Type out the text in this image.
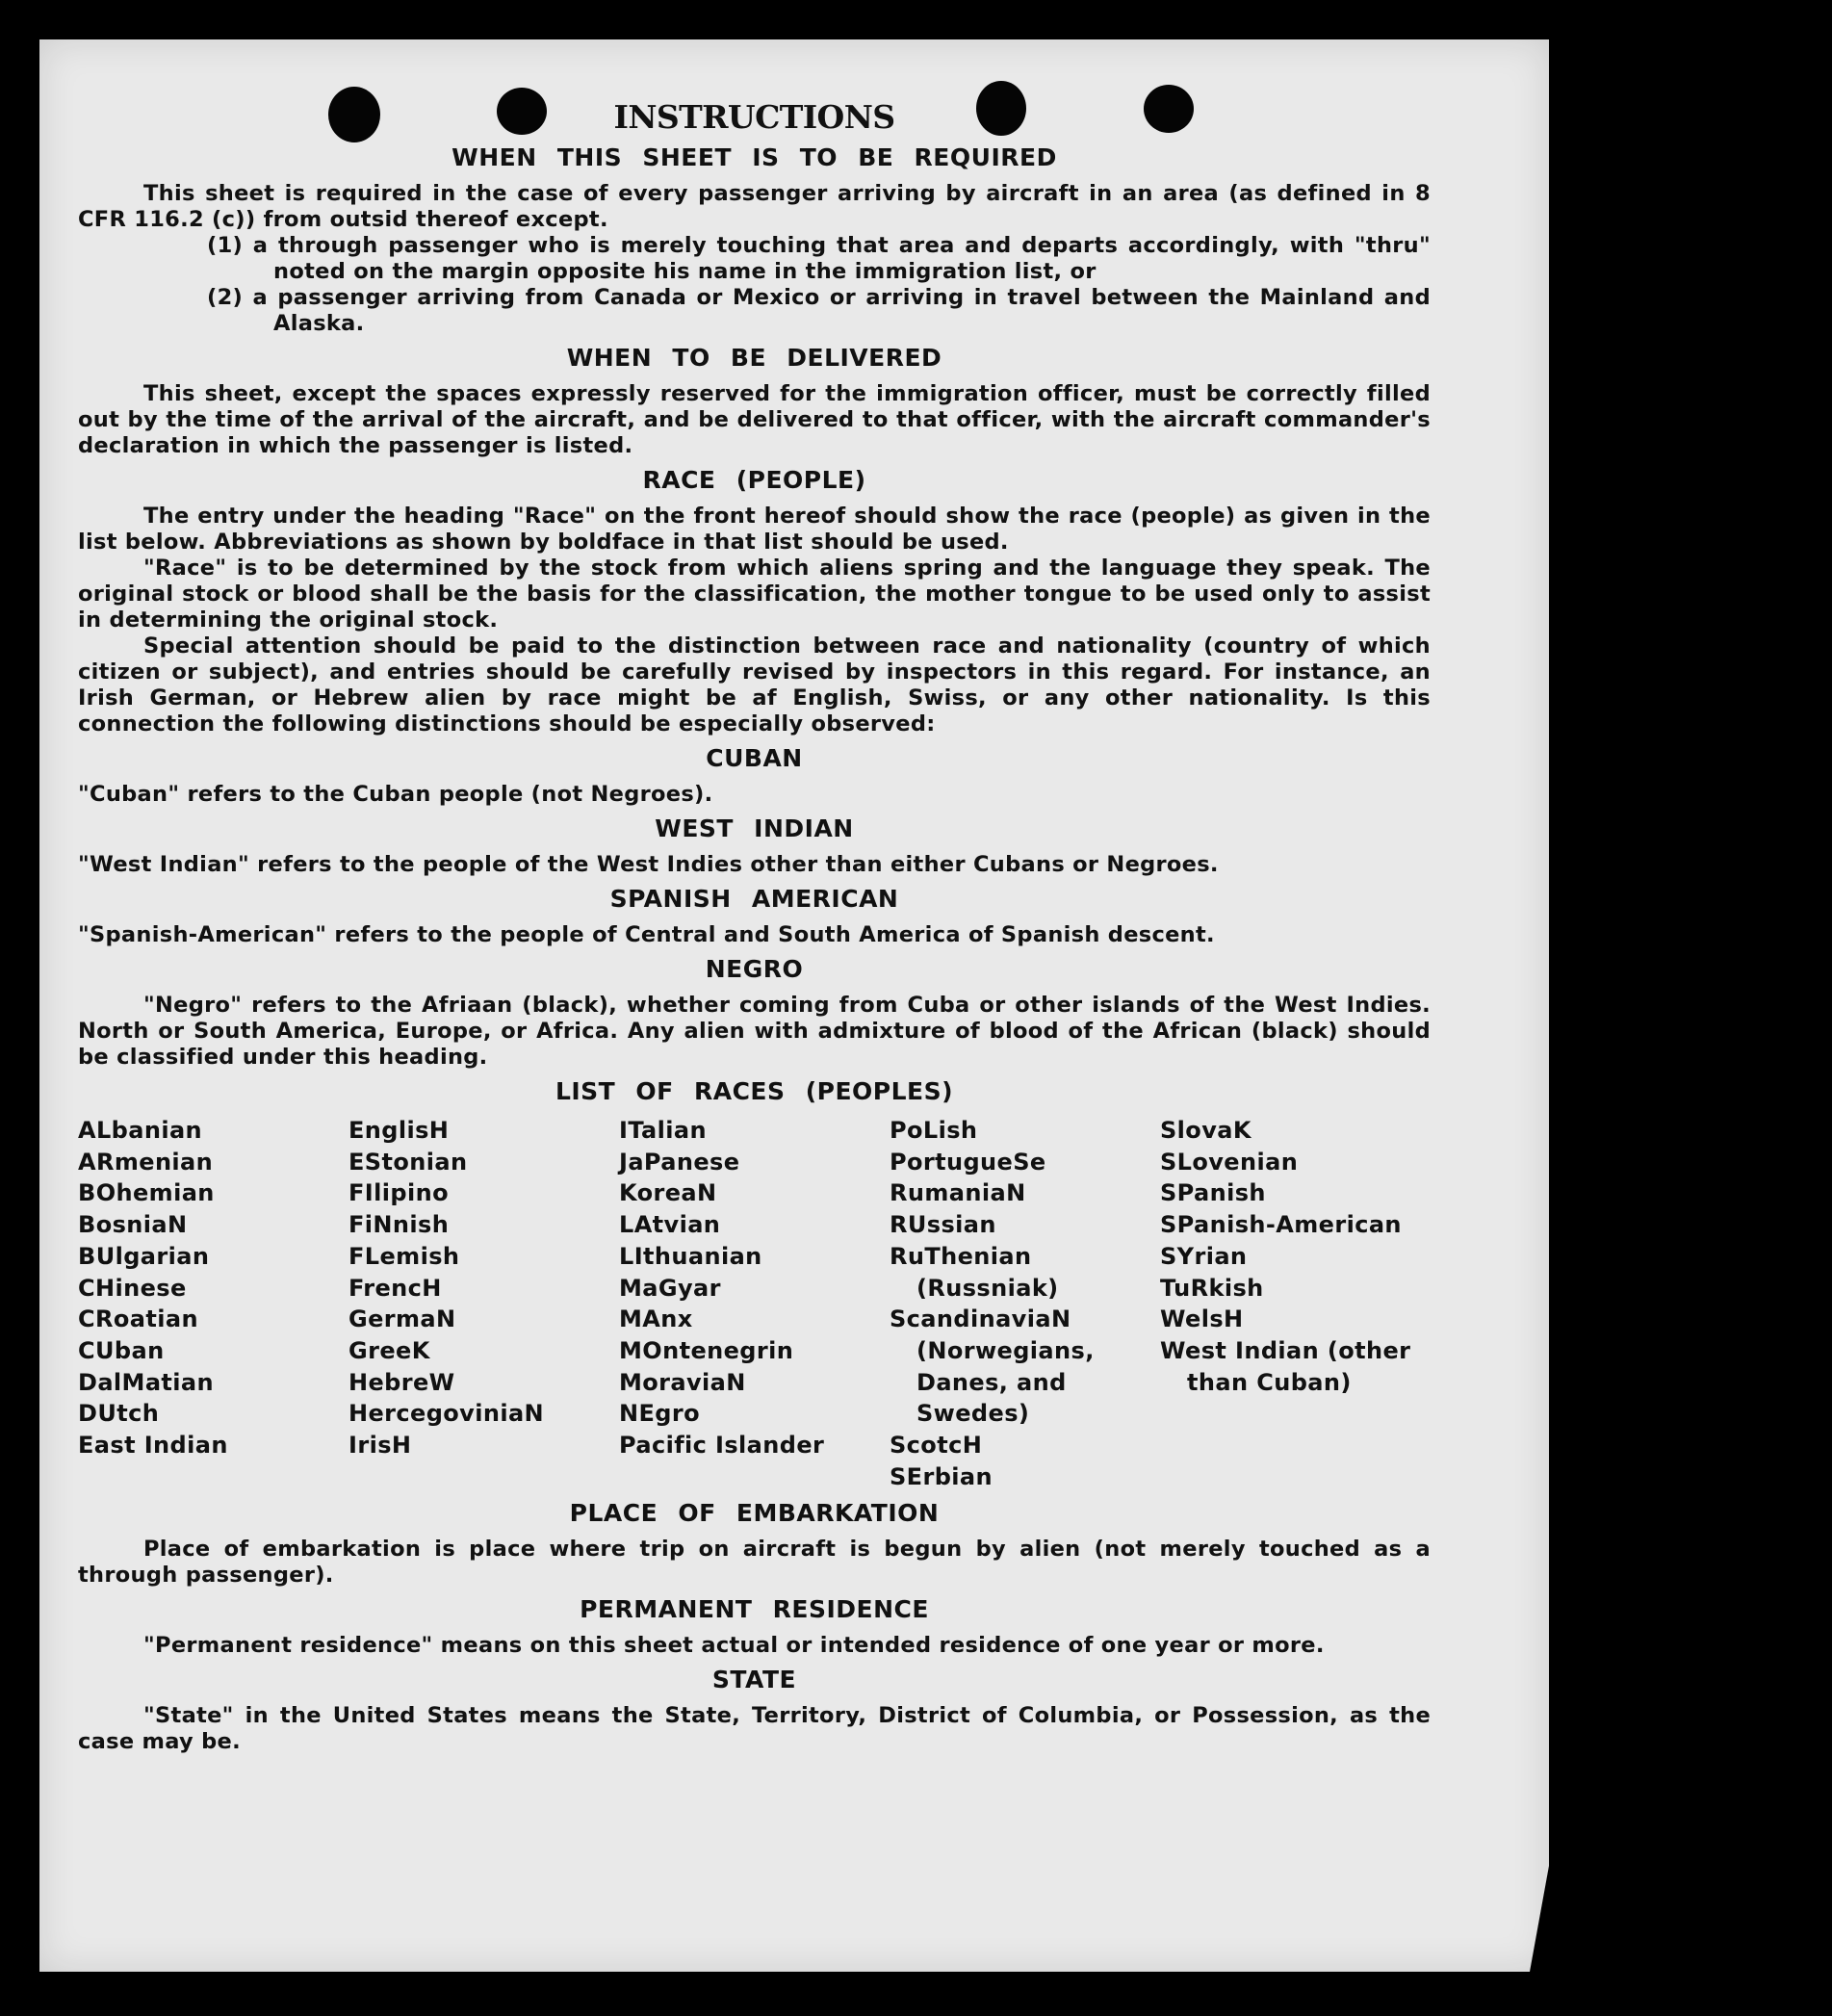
INSTRUCTIONS
WHEN THIS SHEET IS TO BE REQUIRED

This sheet is required in the case of every passenger arriving by aircraft in an area (as defined in 8 CFR 116.2 (c)) from outsid thereof except.

(1) a through passenger who is merely touching that area and departs accordingly, with "thru" noted on the margin opposite his name in the immigration list, or
(2) a passenger arriving from Canada or Mexico or arriving in travel between the Mainland and Alaska.
WHEN TO BE DELIVERED

This sheet, except the spaces expressly reserved for the immigration officer, must be correctly filled out by the time of the arrival of the aircraft, and be delivered to that officer, with the aircraft commander's declaration in which the passenger is listed.

RACE (PEOPLE)

The entry under the heading "Race" on the front hereof should show the race (people) as given in the list below. Abbreviations as shown by boldface in that list should be used.

"Race" is to be determined by the stock from which aliens spring and the language they speak. The original stock or blood shall be the basis for the classification, the mother tongue to be used only to assist in determining the original stock.

Special attention should be paid to the distinction between race and nationality (country of which citizen or subject), and entries should be carefully revised by inspectors in this regard. For instance, an Irish German, or Hebrew alien by race might be af English, Swiss, or any other nationality. Is this connection the following distinctions should be especially observed:

CUBAN

"Cuban" refers to the Cuban people (not Negroes).

WEST INDIAN

"West Indian" refers to the people of the West Indies other than either Cubans or Negroes.

SPANISH AMERICAN

"Spanish-American" refers to the people of Central and South America of Spanish descent.

NEGRO

"Negro" refers to the Afriaan (black), whether coming from Cuba or other islands of the West Indies. North or South America, Europe, or Africa. Any alien with admixture of blood of the African (black) should be classified under this heading.

LIST OF RACES (PEOPLES)
ALbanian
ARmenian
BOhemian
BosniaN
BUlgarian
CHinese
CRoatian
CUban
DalMatian
DUtch
East Indian
EnglisH
EStonian
FIlipino
FiNnish
FLemish
FrencH
GermaN
GreeK
HebreW
HercegoviniaN
IrisH
ITalian
JaPanese
KoreaN
LAtvian
LIthuanian
MaGyar
MAnx
MOntenegrin
MoraviaN
NEgro
Pacific Islander
PoLish
PortugueSe
RumaniaN
RUssian
RuThenian (Russniak)
ScandinaviaN (Norwegians, Danes, and Swedes)
ScotcH
SErbian
SlovaK
SLovenian
SPanish
SPanish-American
SYrian
TuRkish
WelsH
West Indian (other than Cuban)
PLACE OF EMBARKATION

Place of embarkation is place where trip on aircraft is begun by alien (not merely touched as a through passenger).

PERMANENT RESIDENCE

"Permanent residence" means on this sheet actual or intended residence of one year or more.

STATE

"State" in the United States means the State, Territory, District of Columbia, or Possession, as the case may be.
